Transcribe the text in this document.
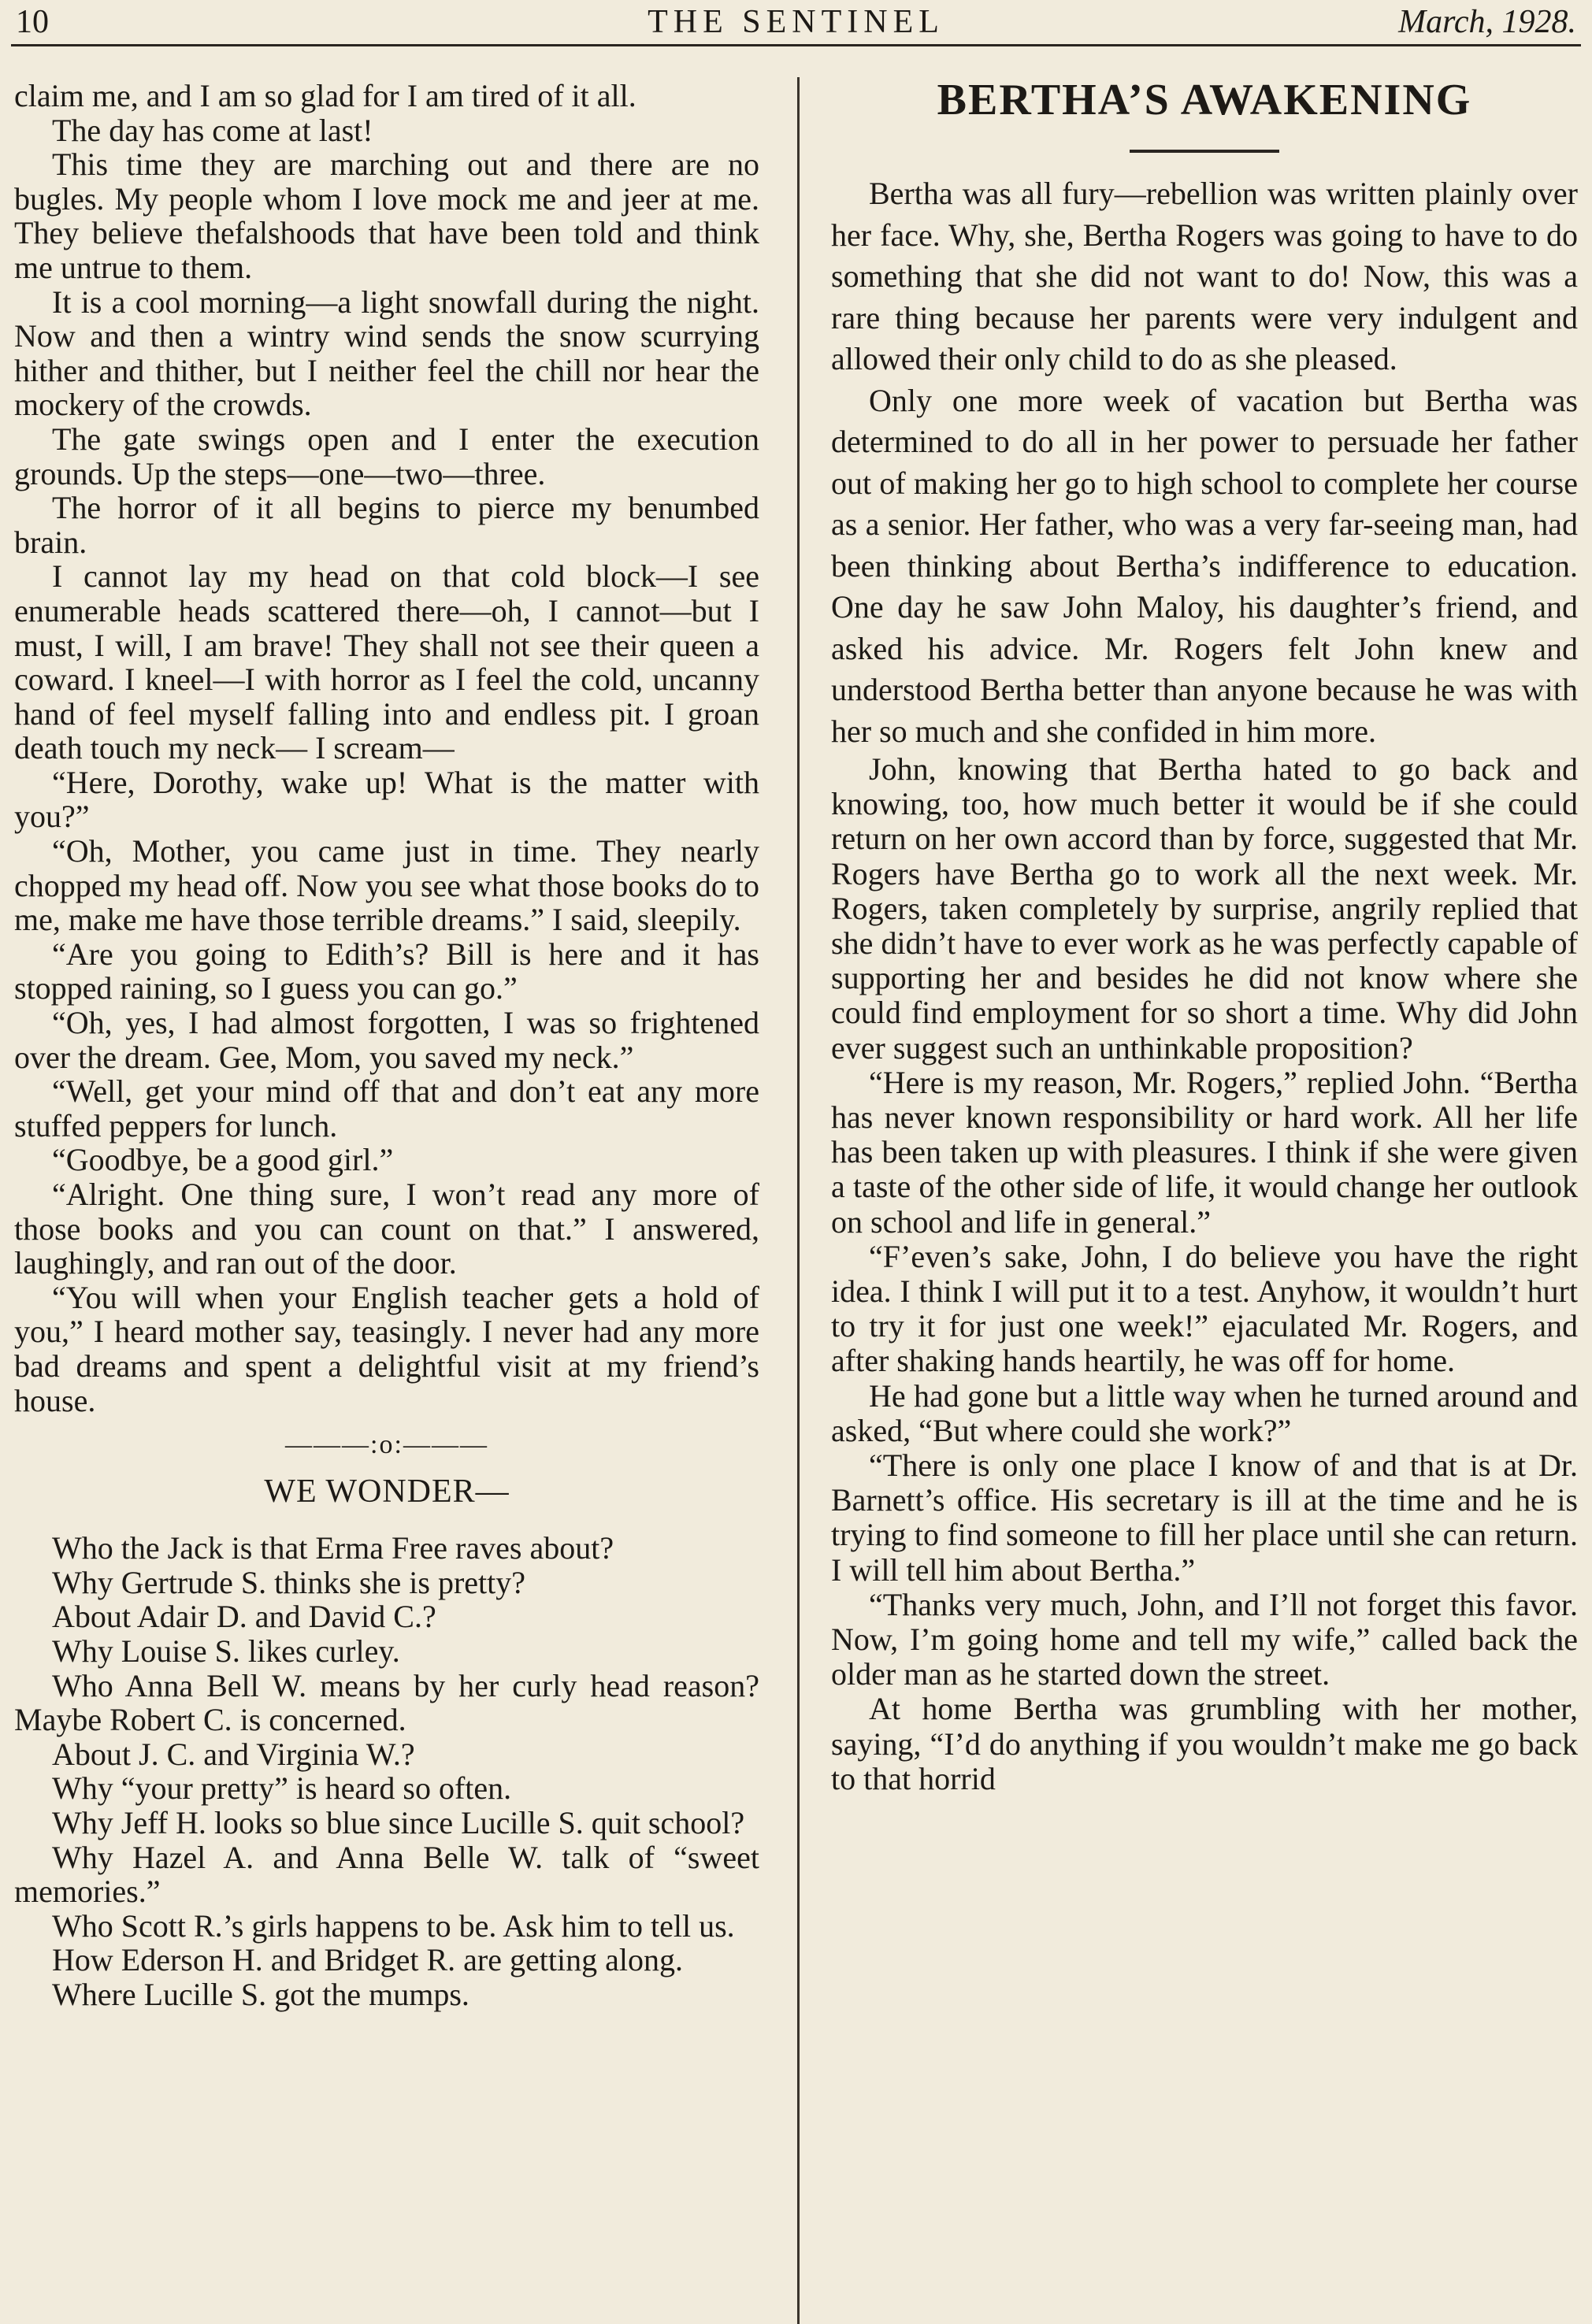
10	THE SENTINEL	March, 1928.

claim me, and I am so glad for I am tired of it all.

The day has come at last!

This time they are marching out and there are no bugles. My people whom I love mock me and jeer at me. They believe thefalshoods that have been told and think me untrue to them.

It is a cool morning—a light snowfall during the night. Now and then a wintry wind sends the snow scurrying hither and thither, but I neither feel the chill nor hear the mockery of the crowds.

The gate swings open and I enter the execution grounds. Up the steps—one—two—three.

The horror of it all begins to pierce my benumbed brain.

I cannot lay my head on that cold block—I see enumerable heads scattered there—oh, I cannot—but I must, I will, I am brave! They shall not see their queen a coward. I kneel—I with horror as I feel the cold, uncanny hand of feel myself falling into and endless pit. I groan death touch my neck— I scream—

“Here, Dorothy, wake up! What is the matter with you?”

“Oh, Mother, you came just in time. They nearly chopped my head off. Now you see what those books do to me, make me have those terrible dreams.” I said, sleepily.

“Are you going to Edith’s? Bill is here and it has stopped raining, so I guess you can go.”

“Oh, yes, I had almost forgotten, I was so frightened over the dream. Gee, Mom, you saved my neck.”

“Well, get your mind off that and don’t eat any more stuffed peppers for lunch.

“Goodbye, be a good girl.”

“Alright. One thing sure, I won’t read any more of those books and you can count on that.” I answered, laughingly, and ran out of the door.

“You will when your English teacher gets a hold of you,” I heard mother say, teasingly. I never had any more bad dreams and spent a delightful visit at my friend’s house.

———:o:———
WE WONDER—

Who the Jack is that Erma Free raves about?

Why Gertrude S. thinks she is pretty?

About Adair D. and David C.?

Why Louise S. likes curley.

Who Anna Bell W. means by her curly head reason? Maybe Robert C. is concerned.

About J. C. and Virginia W.?

Why “your pretty” is heard so often.

Why Jeff H. looks so blue since Lucille S. quit school?

Why Hazel A. and Anna Belle W. talk of “sweet memories.”

Who Scott R.’s girls happens to be. Ask him to tell us.

How Ederson H. and Bridget R. are getting along.

Where Lucille S. got the mumps.

BERTHA’S AWAKENING

Bertha was all fury—rebellion was written plainly over her face. Why, she, Bertha Rogers was going to have to do something that she did not want to do! Now, this was a rare thing because her parents were very indulgent and allowed their only child to do as she pleased.

Only one more week of vacation but Bertha was determined to do all in her power to persuade her father out of making her go to high school to complete her course as a senior. Her father, who was a very far-seeing man, had been thinking about Bertha’s indifference to education. One day he saw John Maloy, his daughter’s friend, and asked his advice. Mr. Rogers felt John knew and understood Bertha better than anyone because he was with her so much and she confided in him more.

John, knowing that Bertha hated to go back and knowing, too, how much better it would be if she could return on her own accord than by force, suggested that Mr. Rogers have Bertha go to work all the next week. Mr. Rogers, taken completely by surprise, angrily replied that she didn’t have to ever work as he was perfectly capable of supporting her and besides he did not know where she could find employment for so short a time. Why did John ever suggest such an unthinkable proposition?

“Here is my reason, Mr. Rogers,” replied John. “Bertha has never known responsibility or hard work. All her life has been taken up with pleasures. I think if she were given a taste of the other side of life, it would change her outlook on school and life in general.”

“F’even’s sake, John, I do believe you have the right idea. I think I will put it to a test. Anyhow, it wouldn’t hurt to try it for just one week!” ejaculated Mr. Rogers, and after shaking hands heartily, he was off for home.

He had gone but a little way when he turned around and asked, “But where could she work?”

“There is only one place I know of and that is at Dr. Barnett’s office. His secretary is ill at the time and he is trying to find someone to fill her place until she can return. I will tell him about Bertha.”

“Thanks very much, John, and I’ll not forget this favor. Now, I’m going home and tell my wife,” called back the older man as he started down the street.

At home Bertha was grumbling with her mother, saying, “I’d do anything if you wouldn’t make me go back to that horrid
